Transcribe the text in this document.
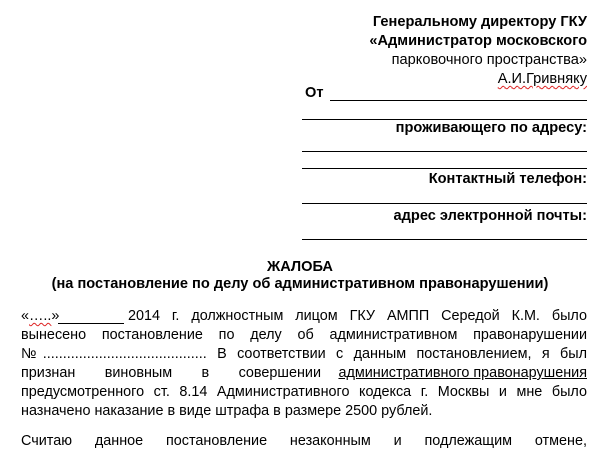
Генеральному директору ГКУ
«Администратор московского
парковочного пространства»
А.И.Гривняку
От
проживающего по адресу:
Контактный телефон:
адрес электронной почты:
ЖАЛОБА
(на постановление по делу об административном правонарушении)
«…..»	2014 г. должностным лицом ГКУ АМПП Середой К.М. было
вынесено постановление по делу об административном правонарушении
№......................................... В соответствии с данным постановлением, я был
признан виновным в совершении административного правонарушения
предусмотренного ст. 8.14 Административного кодекса г. Москвы и мне было
назначено наказание в виде штрафа в размере 2500 рублей.
Считаю данное постановление незаконным и подлежащим отмене,
